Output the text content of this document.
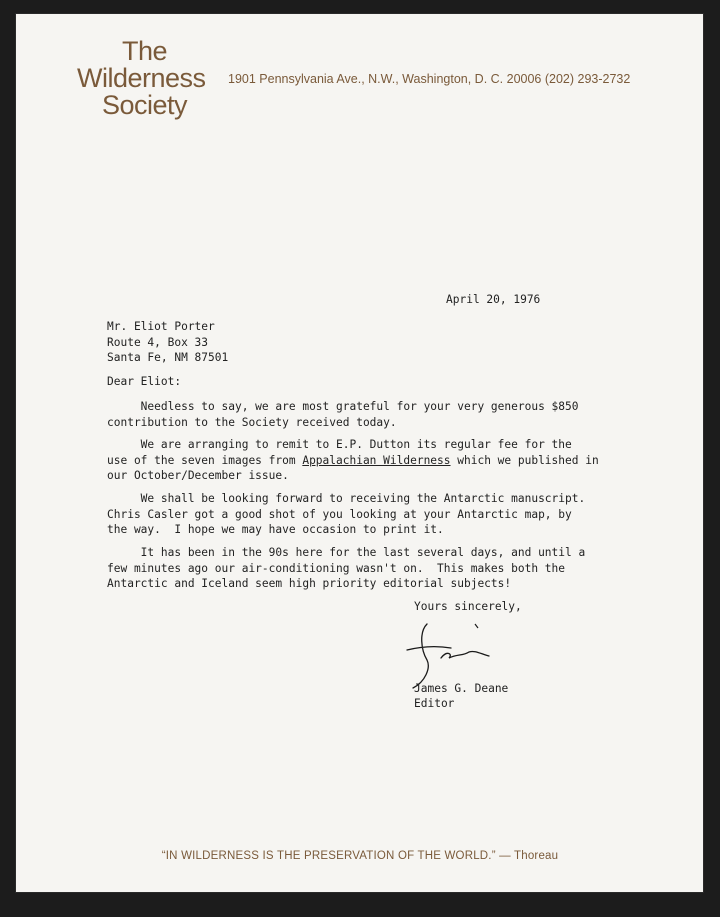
The
Wilderness
Society
1901 Pennsylvania Ave., N.W., Washington, D. C. 20006 (202) 293-2732
April 20, 1976
Mr. Eliot Porter
Route 4, Box 33
Santa Fe, NM 87501
Dear Eliot:
Needless to say, we are most grateful for your very generous $850
contribution to the Society received today.
We are arranging to remit to E.P. Dutton its regular fee for the
use of the seven images from Appalachian Wilderness which we published in
our October/December issue.
We shall be looking forward to receiving the Antarctic manuscript.
Chris Casler got a good shot of you looking at your Antarctic map, by
the way.  I hope we may have occasion to print it.
It has been in the 90s here for the last several days, and until a
few minutes ago our air-conditioning wasn't on.  This makes both the
Antarctic and Iceland seem high priority editorial subjects!
Yours sincerely,
James G. Deane
Editor
“IN WILDERNESS IS THE PRESERVATION OF THE WORLD.” — Thoreau
